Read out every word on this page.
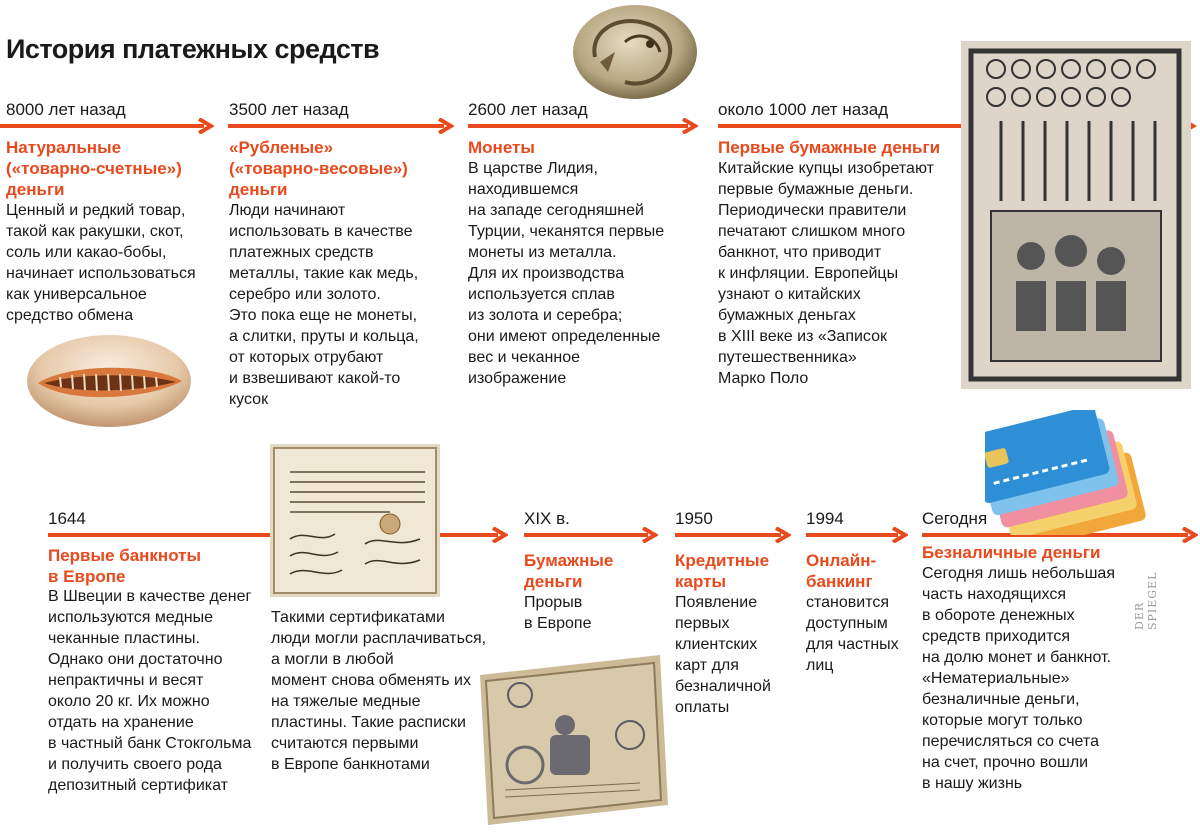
История платежных средств
8000 лет назад
Натуральные
(«товарно-счетные»)
деньги
Ценный и редкий товар,
такой как ракушки, скот,
соль или какао-бобы,
начинает использоваться
как универсальное
средство обмена
3500 лет назад
«Рубленые»
(«товарно-весовые»)
деньги
Люди начинают
использовать в качестве
платежных средств
металлы, такие как медь,
серебро или золото.
Это пока еще не монеты,
а слитки, пруты и кольца,
от которых отрубают
и взвешивают какой-то
кусок
2600 лет назад
Монеты
В царстве Лидия,
находившемся
на западе сегодняшней
Турции, чеканятся первые
монеты из металла.
Для их производства
используется сплав
из золота и серебра;
они имеют определенные
вес и чеканное
изображение
около 1000 лет назад
Первые бумажные деньги
Китайские купцы изобретают
первые бумажные деньги.
Периодически правители
печатают слишком много
банкнот, что приводит
к инфляции. Европейцы
узнают о китайских
бумажных деньгах
в XIII веке из «Записок
путешественника»
Марко Поло
1644
Первые банкноты
в Европе
В Швеции в качестве денег
используются медные
чеканные пластины.
Однако они достаточно
непрактичны и весят
около 20 кг. Их можно
отдать на хранение
в частный банк Стокгольма
и получить своего рода
депозитный сертификат
Такими сертификатами
люди могли расплачиваться,
а могли в любой
момент снова обменять их
на тяжелые медные
пластины. Такие расписки
считаются первыми
в Европе банкнотами
XIX в.
Бумажные
деньги
Прорыв
в Европе
1950
Кредитные
карты
Появление
первых
клиентских
карт для
безналичной
оплаты
1994
Онлайн-
банкинг
становится
доступным
для частных
лиц
Сегодня
Безналичные деньги
Сегодня лишь небольшая
часть находящихся
в обороте денежных
средств приходится
на долю монет и банкнот.
«Нематериальные»
безналичные деньги,
которые могут только
перечисляться со счета
на счет, прочно вошли
в нашу жизнь
DER SPIEGEL
